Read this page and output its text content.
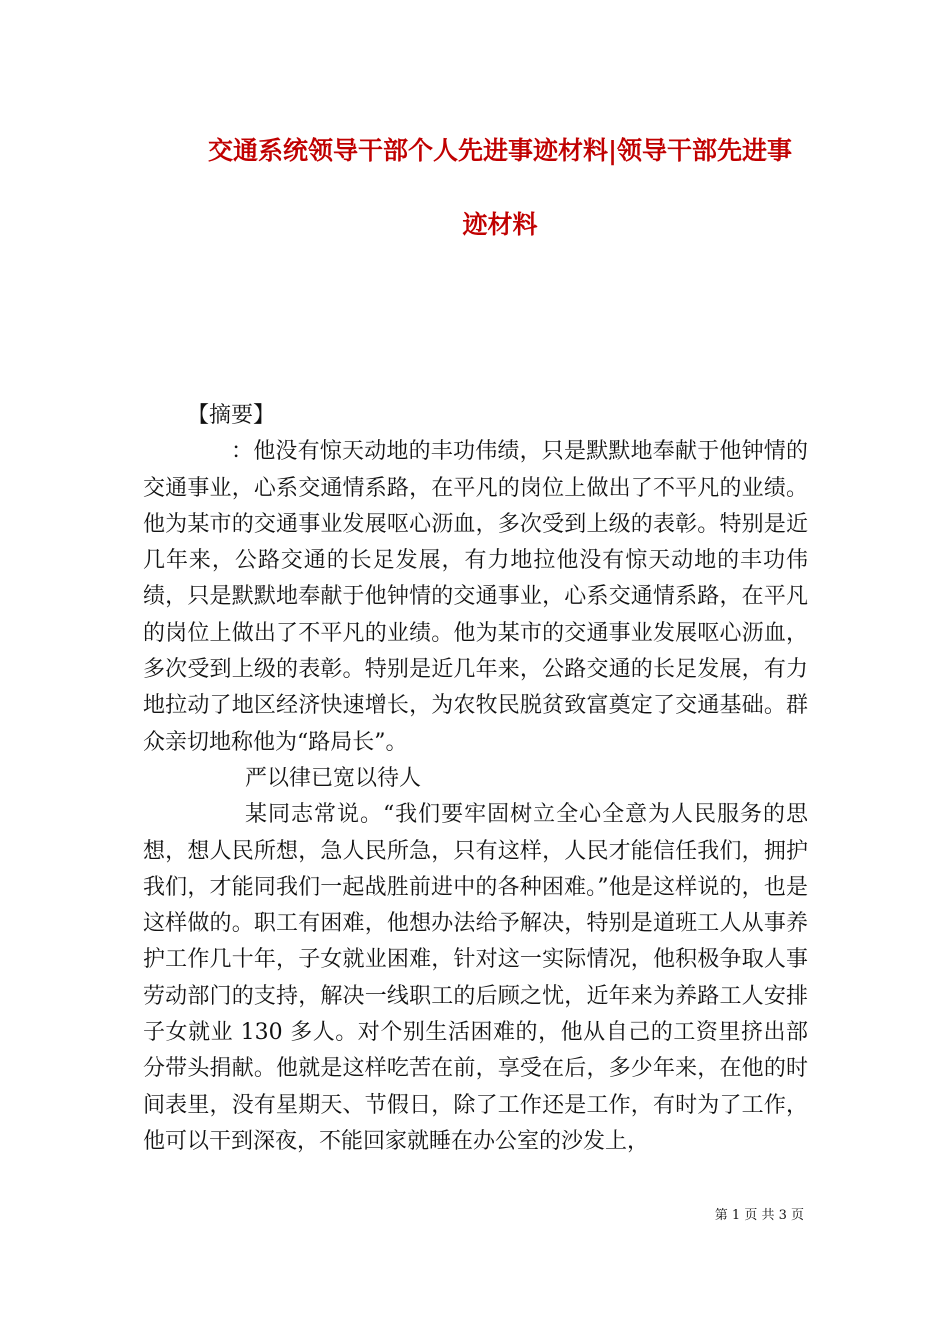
交通系统领导干部个人先进事迹材料|领导干部先进事
迹材料

【摘要】

：他没有惊天动地的丰功伟绩，只是默默地奉献于他钟情的交通事业，心系交通情系路，在平凡的岗位上做出了不平凡的业绩。他为某市的交通事业发展呕心沥血，多次受到上级的表彰。特别是近几年来，公路交通的长足发展，有力地拉他没有惊天动地的丰功伟绩，只是默默地奉献于他钟情的交通事业，心系交通情系路，在平凡的岗位上做出了不平凡的业绩。他为某市的交通事业发展呕心沥血，多次受到上级的表彰。特别是近几年来，公路交通的长足发展，有力地拉动了地区经济快速增长，为农牧民脱贫致富奠定了交通基础。群众亲切地称他为“路局长”。

严以律已宽以待人

某同志常说。“我们要牢固树立全心全意为人民服务的思想，想人民所想，急人民所急，只有这样，人民才能信任我们，拥护我们，才能同我们一起战胜前进中的各种困难。”他是这样说的，也是这样做的。职工有困难，他想办法给予解决，特别是道班工人从事养护工作几十年，子女就业困难，针对这一实际情况，他积极争取人事劳动部门的支持，解决一线职工的后顾之忧，近年来为养路工人安排子女就业 130 多人。对个别生活困难的，他从自己的工资里挤出部分带头捐献。他就是这样吃苦在前，享受在后，多少年来，在他的时间表里，没有星期天、节假日，除了工作还是工作，有时为了工作，他可以干到深夜，不能回家就睡在办公室的沙发上，

第 1 页 共 3 页
